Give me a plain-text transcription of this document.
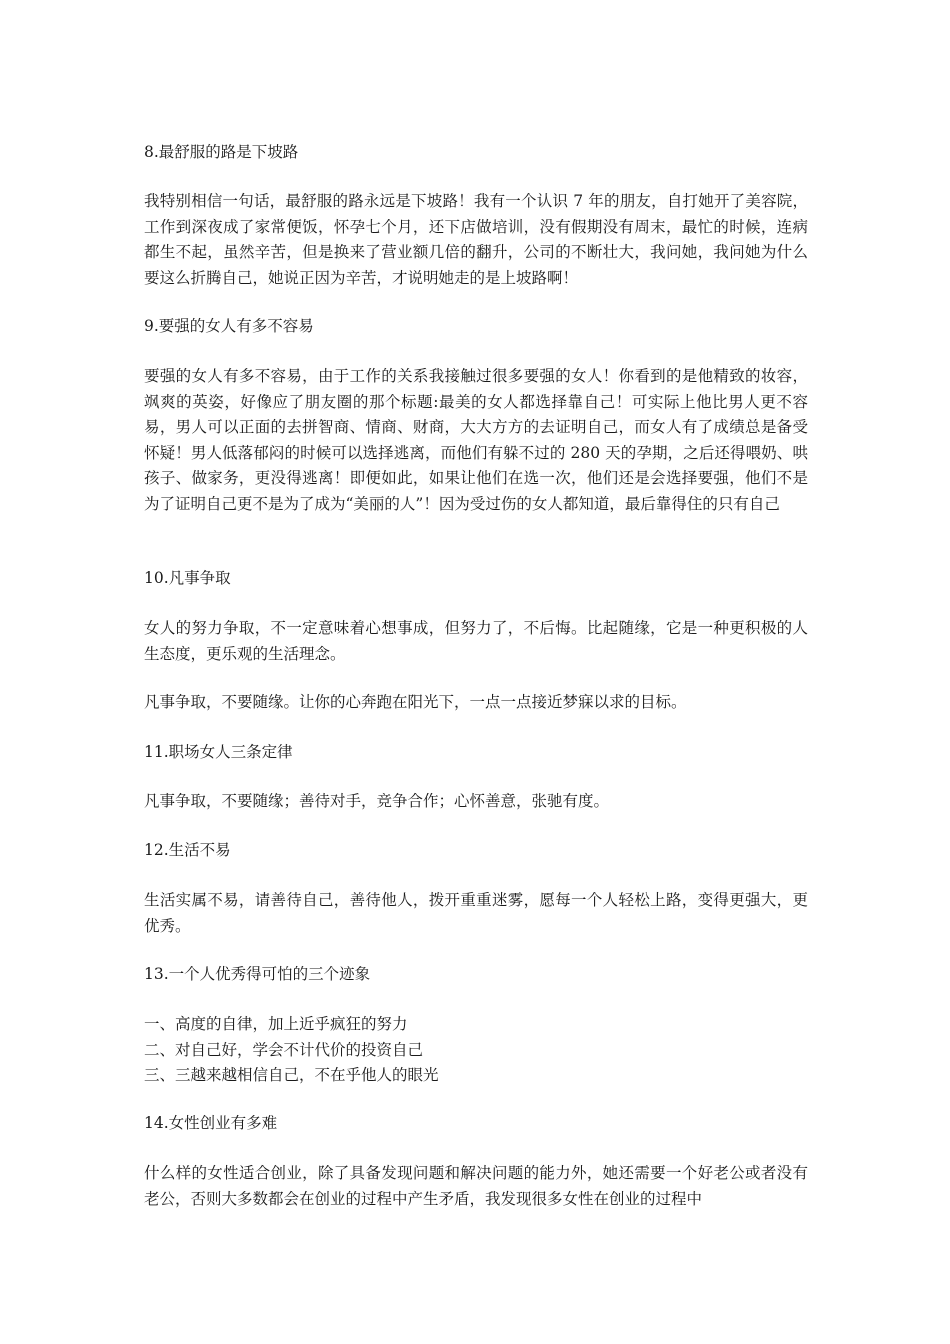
8.最舒服的路是下坡路

我特别相信一句话，最舒服的路永远是下坡路！我有一个认识 7 年的朋友，自打她开了美容院，工作到深夜成了家常便饭，怀孕七个月，还下店做培训，没有假期没有周末，最忙的时候，连病都生不起，虽然辛苦，但是换来了营业额几倍的翻升，公司的不断壮大，我问她，我问她为什么要这么折腾自己，她说正因为辛苦，才说明她走的是上坡路啊！

9.要强的女人有多不容易

要强的女人有多不容易，由于工作的关系我接触过很多要强的女人！你看到的是他精致的妆容，飒爽的英姿，好像应了朋友圈的那个标题:最美的女人都选择靠自己！可实际上他比男人更不容易，男人可以正面的去拼智商、情商、财商，大大方方的去证明自己，而女人有了成绩总是备受怀疑！男人低落郁闷的时候可以选择逃离，而他们有躲不过的 280 天的孕期，之后还得喂奶、哄孩子、做家务，更没得逃离！即便如此，如果让他们在选一次，他们还是会选择要强，他们不是为了证明自己更不是为了成为“美丽的人”！因为受过伤的女人都知道，最后靠得住的只有自己

10.凡事争取

女人的努力争取，不一定意味着心想事成，但努力了，不后悔。比起随缘，它是一种更积极的人生态度，更乐观的生活理念。

凡事争取，不要随缘。让你的心奔跑在阳光下，一点一点接近梦寐以求的目标。

11.职场女人三条定律

凡事争取，不要随缘；善待对手，竞争合作；心怀善意，张驰有度。

12.生活不易

生活实属不易，请善待自己，善待他人，拨开重重迷雾，愿每一个人轻松上路，变得更强大，更优秀。

13.一个人优秀得可怕的三个迹象

一、高度的自律，加上近乎疯狂的努力
二、对自己好，学会不计代价的投资自己
三、三越来越相信自己，不在乎他人的眼光

14.女性创业有多难

什么样的女性适合创业，除了具备发现问题和解决问题的能力外，她还需要一个好老公或者没有老公，否则大多数都会在创业的过程中产生矛盾，我发现很多女性在创业的过程中
